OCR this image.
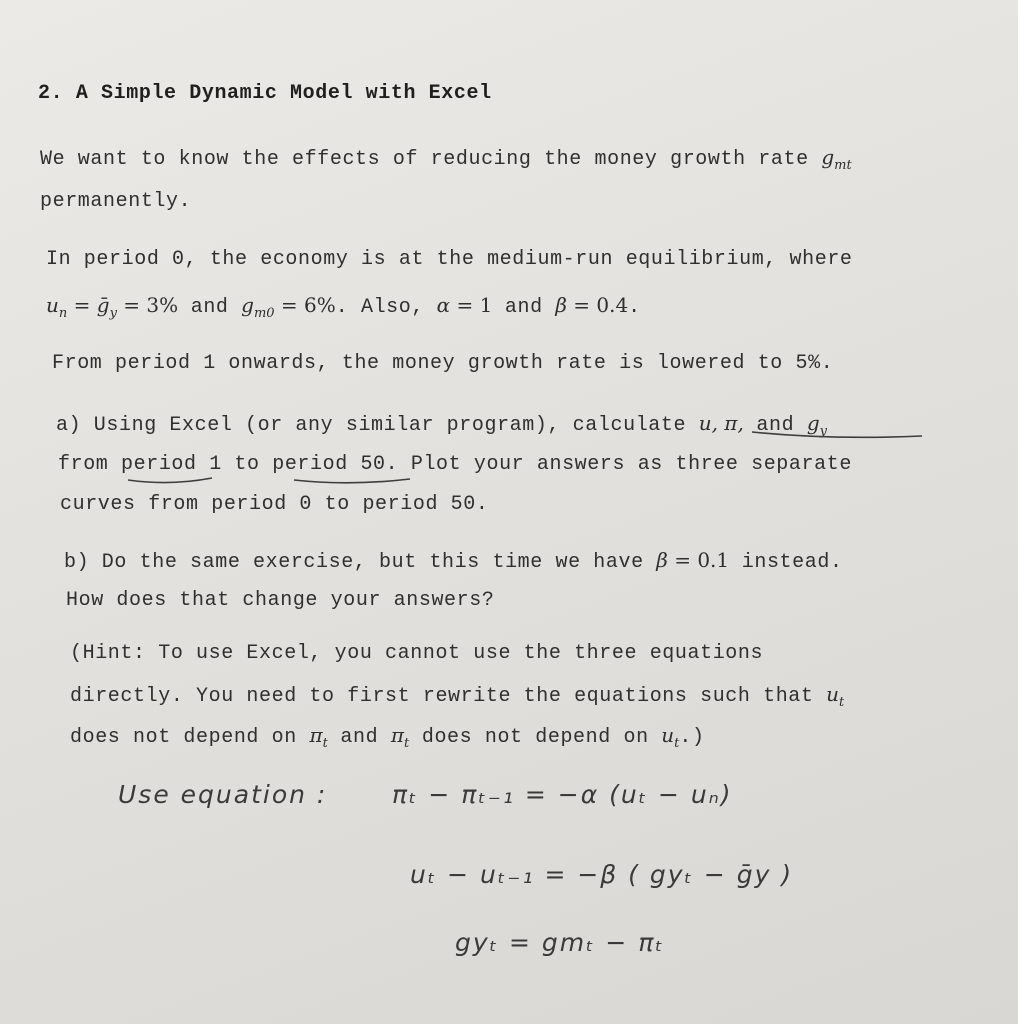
2. A Simple Dynamic Model with Excel
We want to know the effects of reducing the money growth rate $g_{mt}$
permanently.
In period 0, the economy is at the medium-run equilibrium, where
$u_n$ = ḡ$_y$ = 3% and $g_{m0} = 6\%$. Also, α = 1 and β = 0.4.
From period 1 onwards, the money growth rate is lowered to 5%.
a) Using Excel (or any similar program), calculate u, π, and $g_y$
from period 1 to period 50. Plot your answers as three separate
curves from period 0 to period 50.
b) Do the same exercise, but this time we have β = 0.1 instead.
How does that change your answers?
(Hint: To use Excel, you cannot use the three equations
directly. You need to first rewrite the equations such that $u_t$
does not depend on $\pi_t$ and $\pi_t$ does not depend on $u_t$.)
Use equation :	πₜ − πₜ₋₁ = −α (uₜ − uₙ)
uₜ − uₜ₋₁ = −β ( gyₜ − ḡy )
gyₜ = gmₜ − πₜ
